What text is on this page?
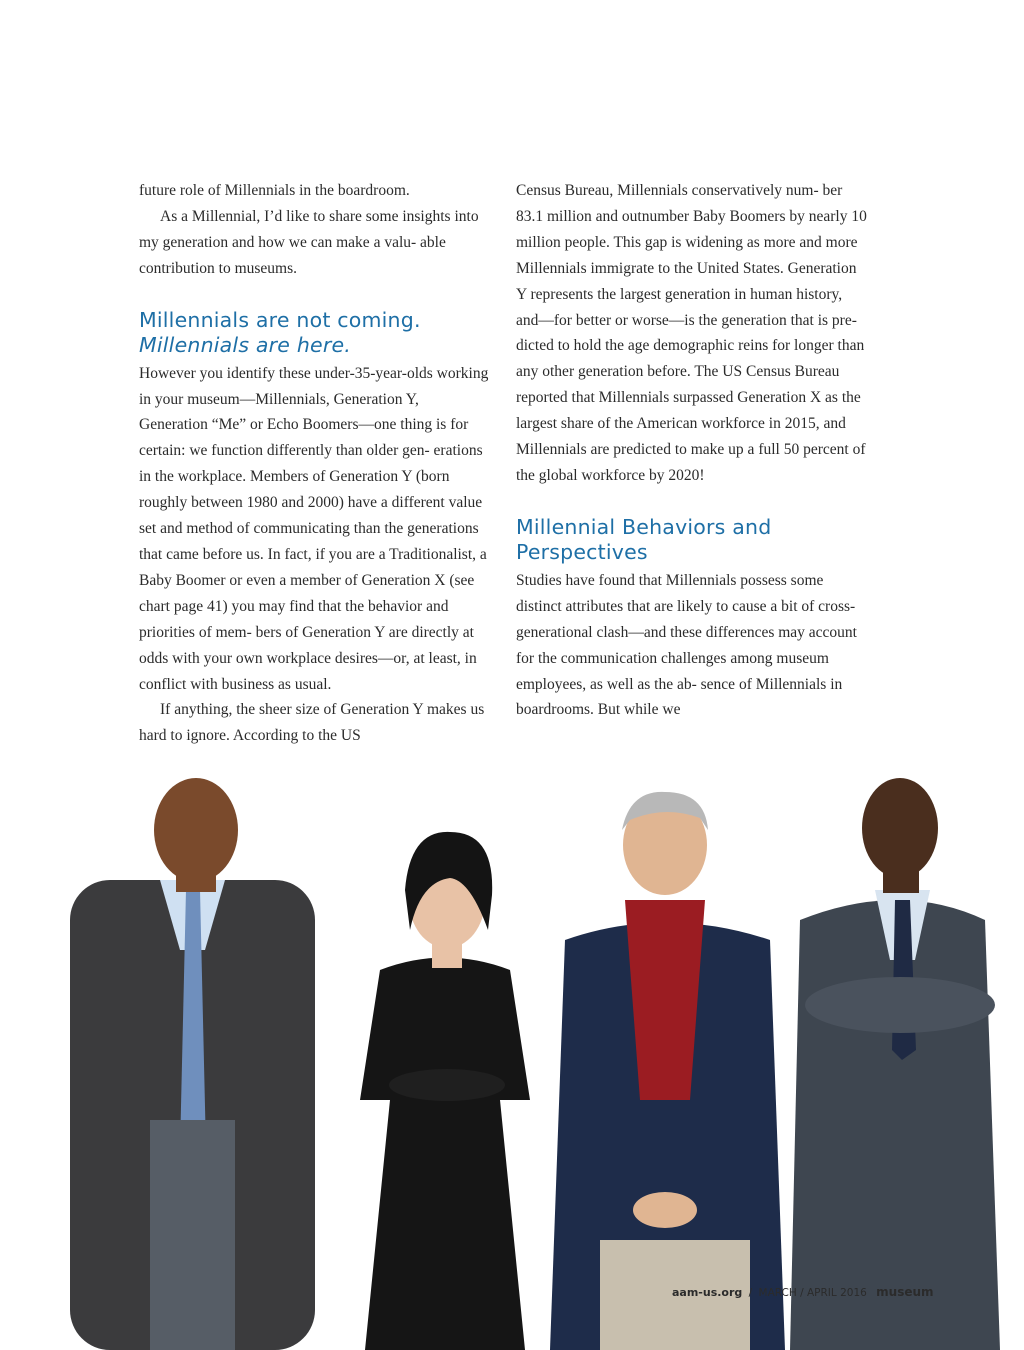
future role of Millennials in the boardroom.

As a Millennial, I’d like to share some insights into my generation and how we can make a valu- able contribution to museums.

Millennials are not coming.
Millennials are here.

However you identify these under-35-year-olds working in your museum—Millennials, Generation Y, Generation “Me” or Echo Boomers—one thing is for certain: we function differently than older gen- erations in the workplace. Members of Generation Y (born roughly between 1980 and 2000) have a different value set and method of communicating than the generations that came before us. In fact, if you are a Traditionalist, a Baby Boomer or even a member of Generation X (see chart page 41) you may find that the behavior and priorities of mem- bers of Generation Y are directly at odds with your own workplace desires—or, at least, in conflict with business as usual.

If anything, the sheer size of Generation Y makes us hard to ignore. According to the US

Census Bureau, Millennials conservatively num- ber 83.1 million and outnumber Baby Boomers by nearly 10 million people. This gap is widening as more and more Millennials immigrate to the United States. Generation Y represents the largest generation in human history, and—for better or worse—is the generation that is pre- dicted to hold the age demographic reins for longer than any other generation before. The US Census Bureau reported that Millennials surpassed Generation X as the largest share of the American workforce in 2015, and Millennials are predicted to make up a full 50 percent of the global workforce by 2020!

Millennial Behaviors and
Perspectives

Studies have found that Millennials possess some distinct attributes that are likely to cause a bit of cross-generational clash—and these differences may account for the communication challenges among museum employees, as well as the ab- sence of Millennials in boardrooms. But while we

aam-us.org / MARCH / APRIL 2016 museum
